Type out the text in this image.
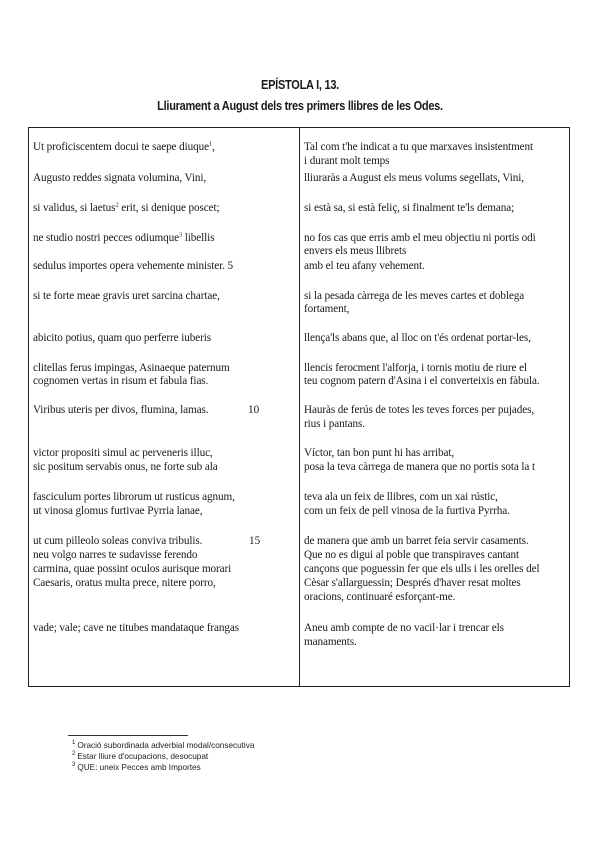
EPÍSTOLA I, 13.
Lliurament a August dels tres primers llibres de les Odes.
Ut proficiscentem docui te saepe diuque$^1$,
Augusto reddes signata volumina, Vini,
si validus, si laetus$^2$ erit, si denique poscet;
ne studio nostri pecces odiumque$^3$ libellis
sedulus importes opera vehemente minister. 5
si te forte meae gravis uret sarcina chartae,
abicito potius, quam quo perferre iuberis
clitellas ferus impingas, Asinaeque paternum
cognomen vertas in risum et fabula fias.
Viribus uteris per divos, flumina, lamas.	10
victor propositi simul ac perveneris illuc,
sic positum servabis onus, ne forte sub ala
fasciculum portes librorum ut rusticus agnum,
ut vinosa glomus furtivae Pyrria lanae,
ut cum pilleolo soleas conviva tribulis.	15
neu volgo narres te sudavisse ferendo
carmina, quae possint oculos aurisque morari
Caesaris, oratus multa prece, nitere porro,
vade; vale; cave ne titubes mandataque frangas
Tal com t'he indicat a tu que marxaves insistentment
i durant molt temps
lliuraràs a August els meus volums segellats, Vini,
si està sa, si està feliç, si finalment te'ls demana;
no fos cas que erris amb el meu objectiu ni portis odi
envers els meus llibrets
amb el teu afany vehement.
si la pesada càrrega de les meves cartes et doblega
fortament,
llença'ls abans que, al lloc on t'és ordenat portar-les,
llencis ferocment l'alforja, i tornis motiu de riure el
teu cognom patern d'Asina i el converteixis en fàbula.
Hauràs de ferús de totes les teves forces per pujades,
rius i pantans.
Víctor, tan bon punt hi has arribat,
posa la teva càrrega de manera que no portis sota la t
teva ala un feix de llibres, com un xai rústic,
com un feix de pell vinosa de la furtiva Pyrrha.
de manera que amb un barret feia servir casaments.
Que no es digui al poble que transpiraves cantant
cançons que poguessin fer que els ulls i les orelles del
Cèsar s'allarguessin; Després d'haver resat moltes
oracions, continuaré esforçant-me.
Aneu amb compte de no vacil·lar i trencar els
manaments.
$^1$ Oració subordinada adverbial modal/consecutiva
$^2$ Estar lliure d'ocupacions, desocupat
$^3$ QUE: uneix Pecces amb Importes
